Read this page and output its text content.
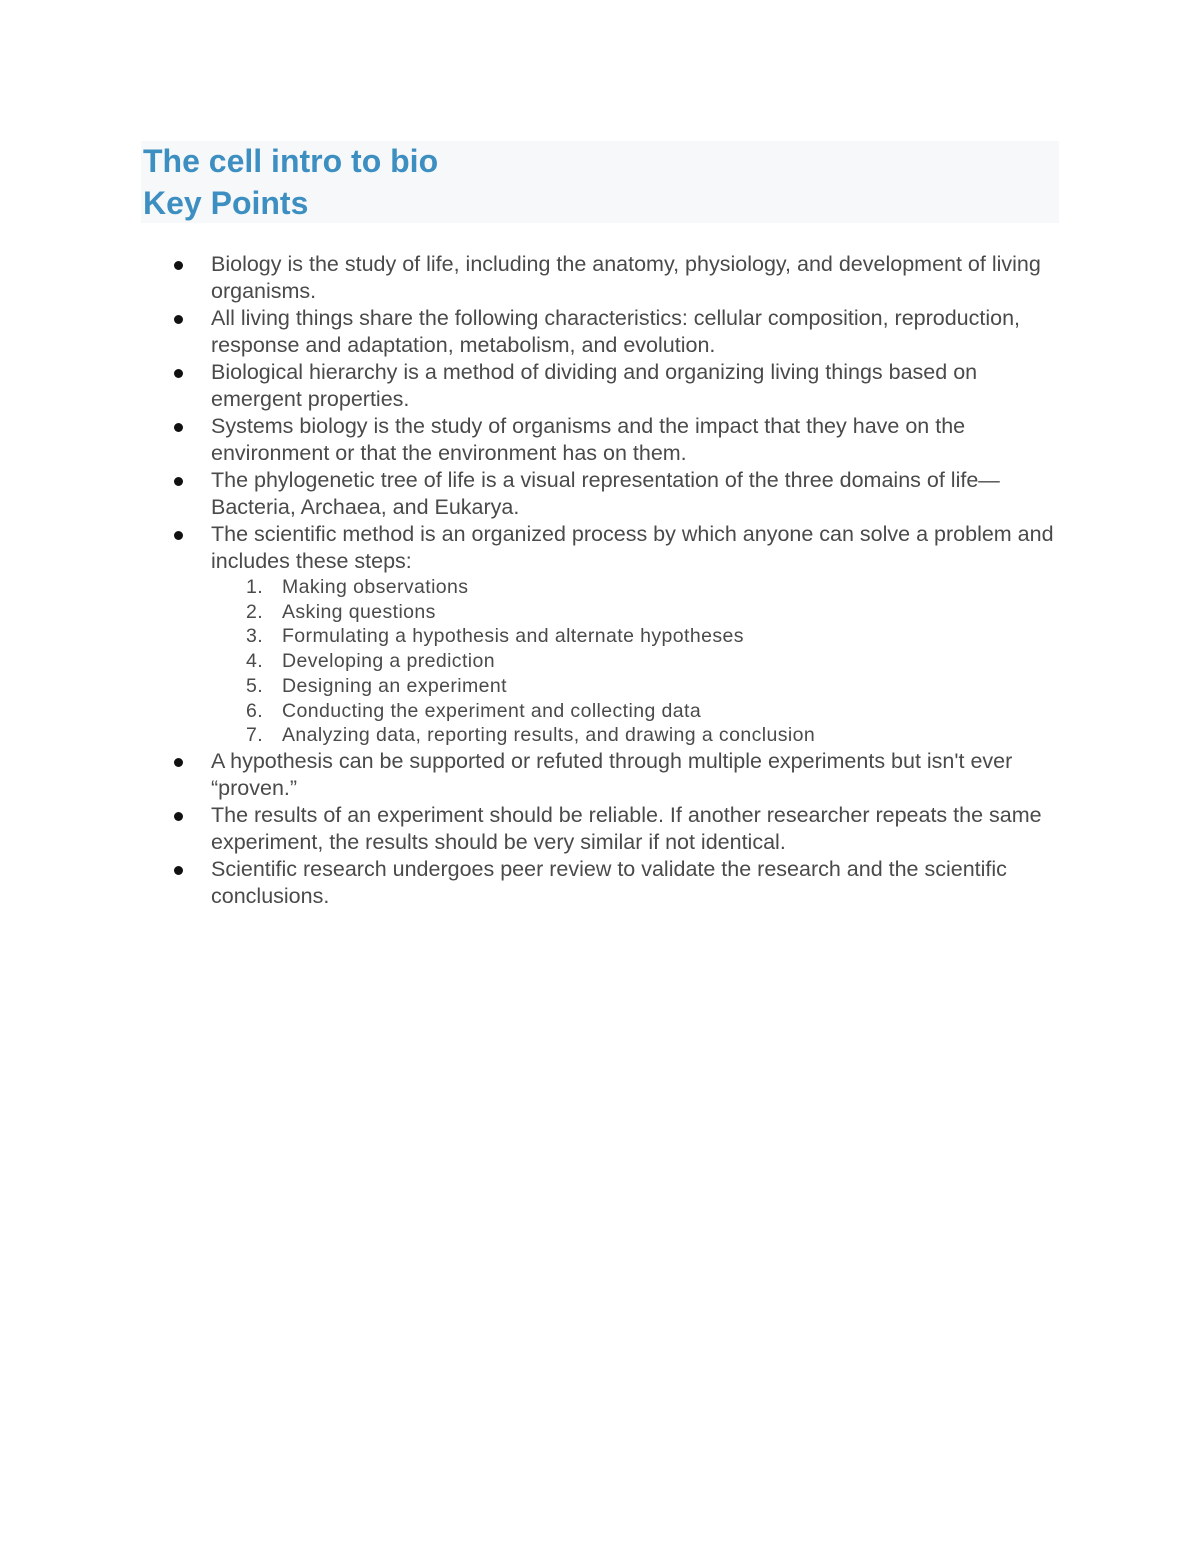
The cell intro to bio
Key Points
Biology is the study of life, including the anatomy, physiology, and development of living organisms.
All living things share the following characteristics: cellular composition, reproduction, response and adaptation, metabolism, and evolution.
Biological hierarchy is a method of dividing and organizing living things based on emergent properties.
Systems biology is the study of organisms and the impact that they have on the environment or that the environment has on them.
The phylogenetic tree of life is a visual representation of the three domains of life—Bacteria, Archaea, and Eukarya.
The scientific method is an organized process by which anyone can solve a problem and includes these steps:
1. Making observations
2. Asking questions
3. Formulating a hypothesis and alternate hypotheses
4. Developing a prediction
5. Designing an experiment
6. Conducting the experiment and collecting data
7. Analyzing data, reporting results, and drawing a conclusion
A hypothesis can be supported or refuted through multiple experiments but isn't ever “proven.”
The results of an experiment should be reliable. If another researcher repeats the same experiment, the results should be very similar if not identical.
Scientific research undergoes peer review to validate the research and the scientific conclusions.
